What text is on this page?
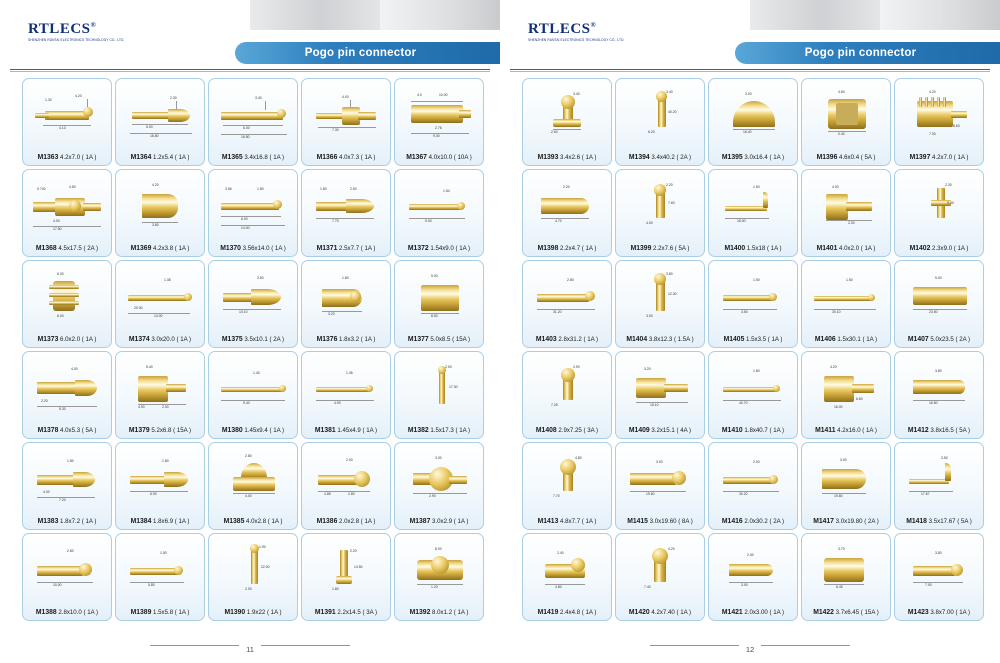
RTLECS®
SHENZHEN RUNTAI ELECTRONICS TECHNOLOGY CO., LTD.
Pogo pin connector
4.20
1.30
4.13
M1363 4.2x7.0 ( 1A )
2.30
5.00
16.80
M1364 1.2x5.4 ( 1A )
3.40
6.00
16.80
M1365 3.4x16.8 ( 1A )
4.00
7.30
M1366 4.0x7.3 ( 1A )
10.00
4.0
2.76
9.00
M1367 4.0x10.0 ( 10A )
0.740	4.50
4.00
17.50
M1368 4.5x17.5 ( 2A )
4.20
3.80
M1369 4.2x3.8 ( 1A )
3.56	1.80
6.00
14.00
M1370 3.56x14.0 ( 1A )
1.80	2.50
7.70
M1371 2.5x7.7 ( 1A )
1.54
9.00
M1372 1.54x9.0 ( 1A )
6.00
6.00
M1373 6.0x2.0 ( 1A )
1.38
20.00
14.00
M1374 3.0x20.0 ( 1A )
3.50
10.10
M1375 3.5x10.1 ( 2A )
1.80
3.20
M1376 1.8x3.2 ( 1A )
5.00
8.50
M1377 5.0x8.5 ( 15A )
4.00
2.20
5.30
M1378 4.0x5.3 ( 5A )
5.40
4.00	2.00
M1379 5.2x6.8 ( 15A )
1.40
9.40
M1380 1.45x9.4 ( 1A )
1.45
4.90
M1381 1.45x4.9 ( 1A )
2.00
17.30
M1382 1.5x17.3 ( 1A )
1.80
4.00
7.20
M1383 1.8x7.2 ( 1A )
1.80
6.90
M1384 1.8x6.9 ( 1A )
2.80
4.00
M1385 4.0x2.8 ( 1A )
2.00
4.85	2.80
M1386 2.0x2.8 ( 1A )
3.00
2.90
M1387 3.0x2.9 ( 1A )
2.80
10.00
M1388 2.8x10.0 ( 1A )
1.50
5.80
M1389 1.5x5.8 ( 1A )
1.90
22.00
2.00
M1390 1.9x22 ( 1A )
2.20
14.50
1.80
M1391 2.2x14.5 ( 3A )
8.00
1.20
M1392 8.0x1.2 ( 1A )
11
RTLECS®
SHENZHEN RUNTAI ELECTRONICS TECHNOLOGY CO., LTD.
Pogo pin connector
3.40
2.60
M1393 3.4x2.6 ( 1A )
3.40
40.20
6.20
M1394 3.4x40.2 ( 2A )
3.00
16.40
M1395 3.0x16.4 ( 1A )
4.60
0.40
M1396 4.6x0.4 ( 5A )
4.20
8.63
7.00
M1397 4.2x7.0 ( 1A )
2.20
4.70
M1398 2.2x4.7 ( 1A )
2.20
7.60
4.00
M1399 2.2x7.6 ( 5A )
1.50
18.00
M1400 1.5x18 ( 1A )
4.00
2.00
M1401 4.0x2.0 ( 1A )
2.30
9.00
M1402 2.3x9.0 ( 1A )
2.80
31.20
M1403 2.8x31.2 ( 1A )
3.80
12.30
3.00
M1404 3.8x12.3 ( 1.5A )
1.50
3.50
M1405 1.5x3.5 ( 1A )
1.50
30.10
M1406 1.5x30.1 ( 1A )
5.00
23.50
M1407 5.0x23.5 ( 2A )
2.90
7.25
M1408 2.9x7.25 ( 3A )
3.20
15.10
M1409 3.2x15.1 ( 4A )
1.80
40.70
M1410 1.8x40.7 ( 1A )
4.20
6.60
16.00
M1411 4.2x16.0 ( 1A )
3.80
16.50
M1412 3.8x16.5 ( 5A )
4.80
7.70
M1413 4.8x7.7 ( 1A )
3.00
19.60
M1415 3.0x19.60 ( 8A )
2.00
30.20
M1416 2.0x30.2 ( 2A )
3.00
19.80
M1417 3.0x19.80 ( 2A )
3.50
17.67
M1418 3.5x17.67 ( 5A )
2.40
4.80
M1419 2.4x4.8 ( 1A )
4.20
7.40
M1420 4.2x7.40 ( 1A )
2.00
3.00
M1421 2.0x3.00 ( 1A )
3.70
6.45
M1422 3.7x6.45 ( 15A )
3.80
7.00
M1423 3.8x7.00 ( 1A )
12
